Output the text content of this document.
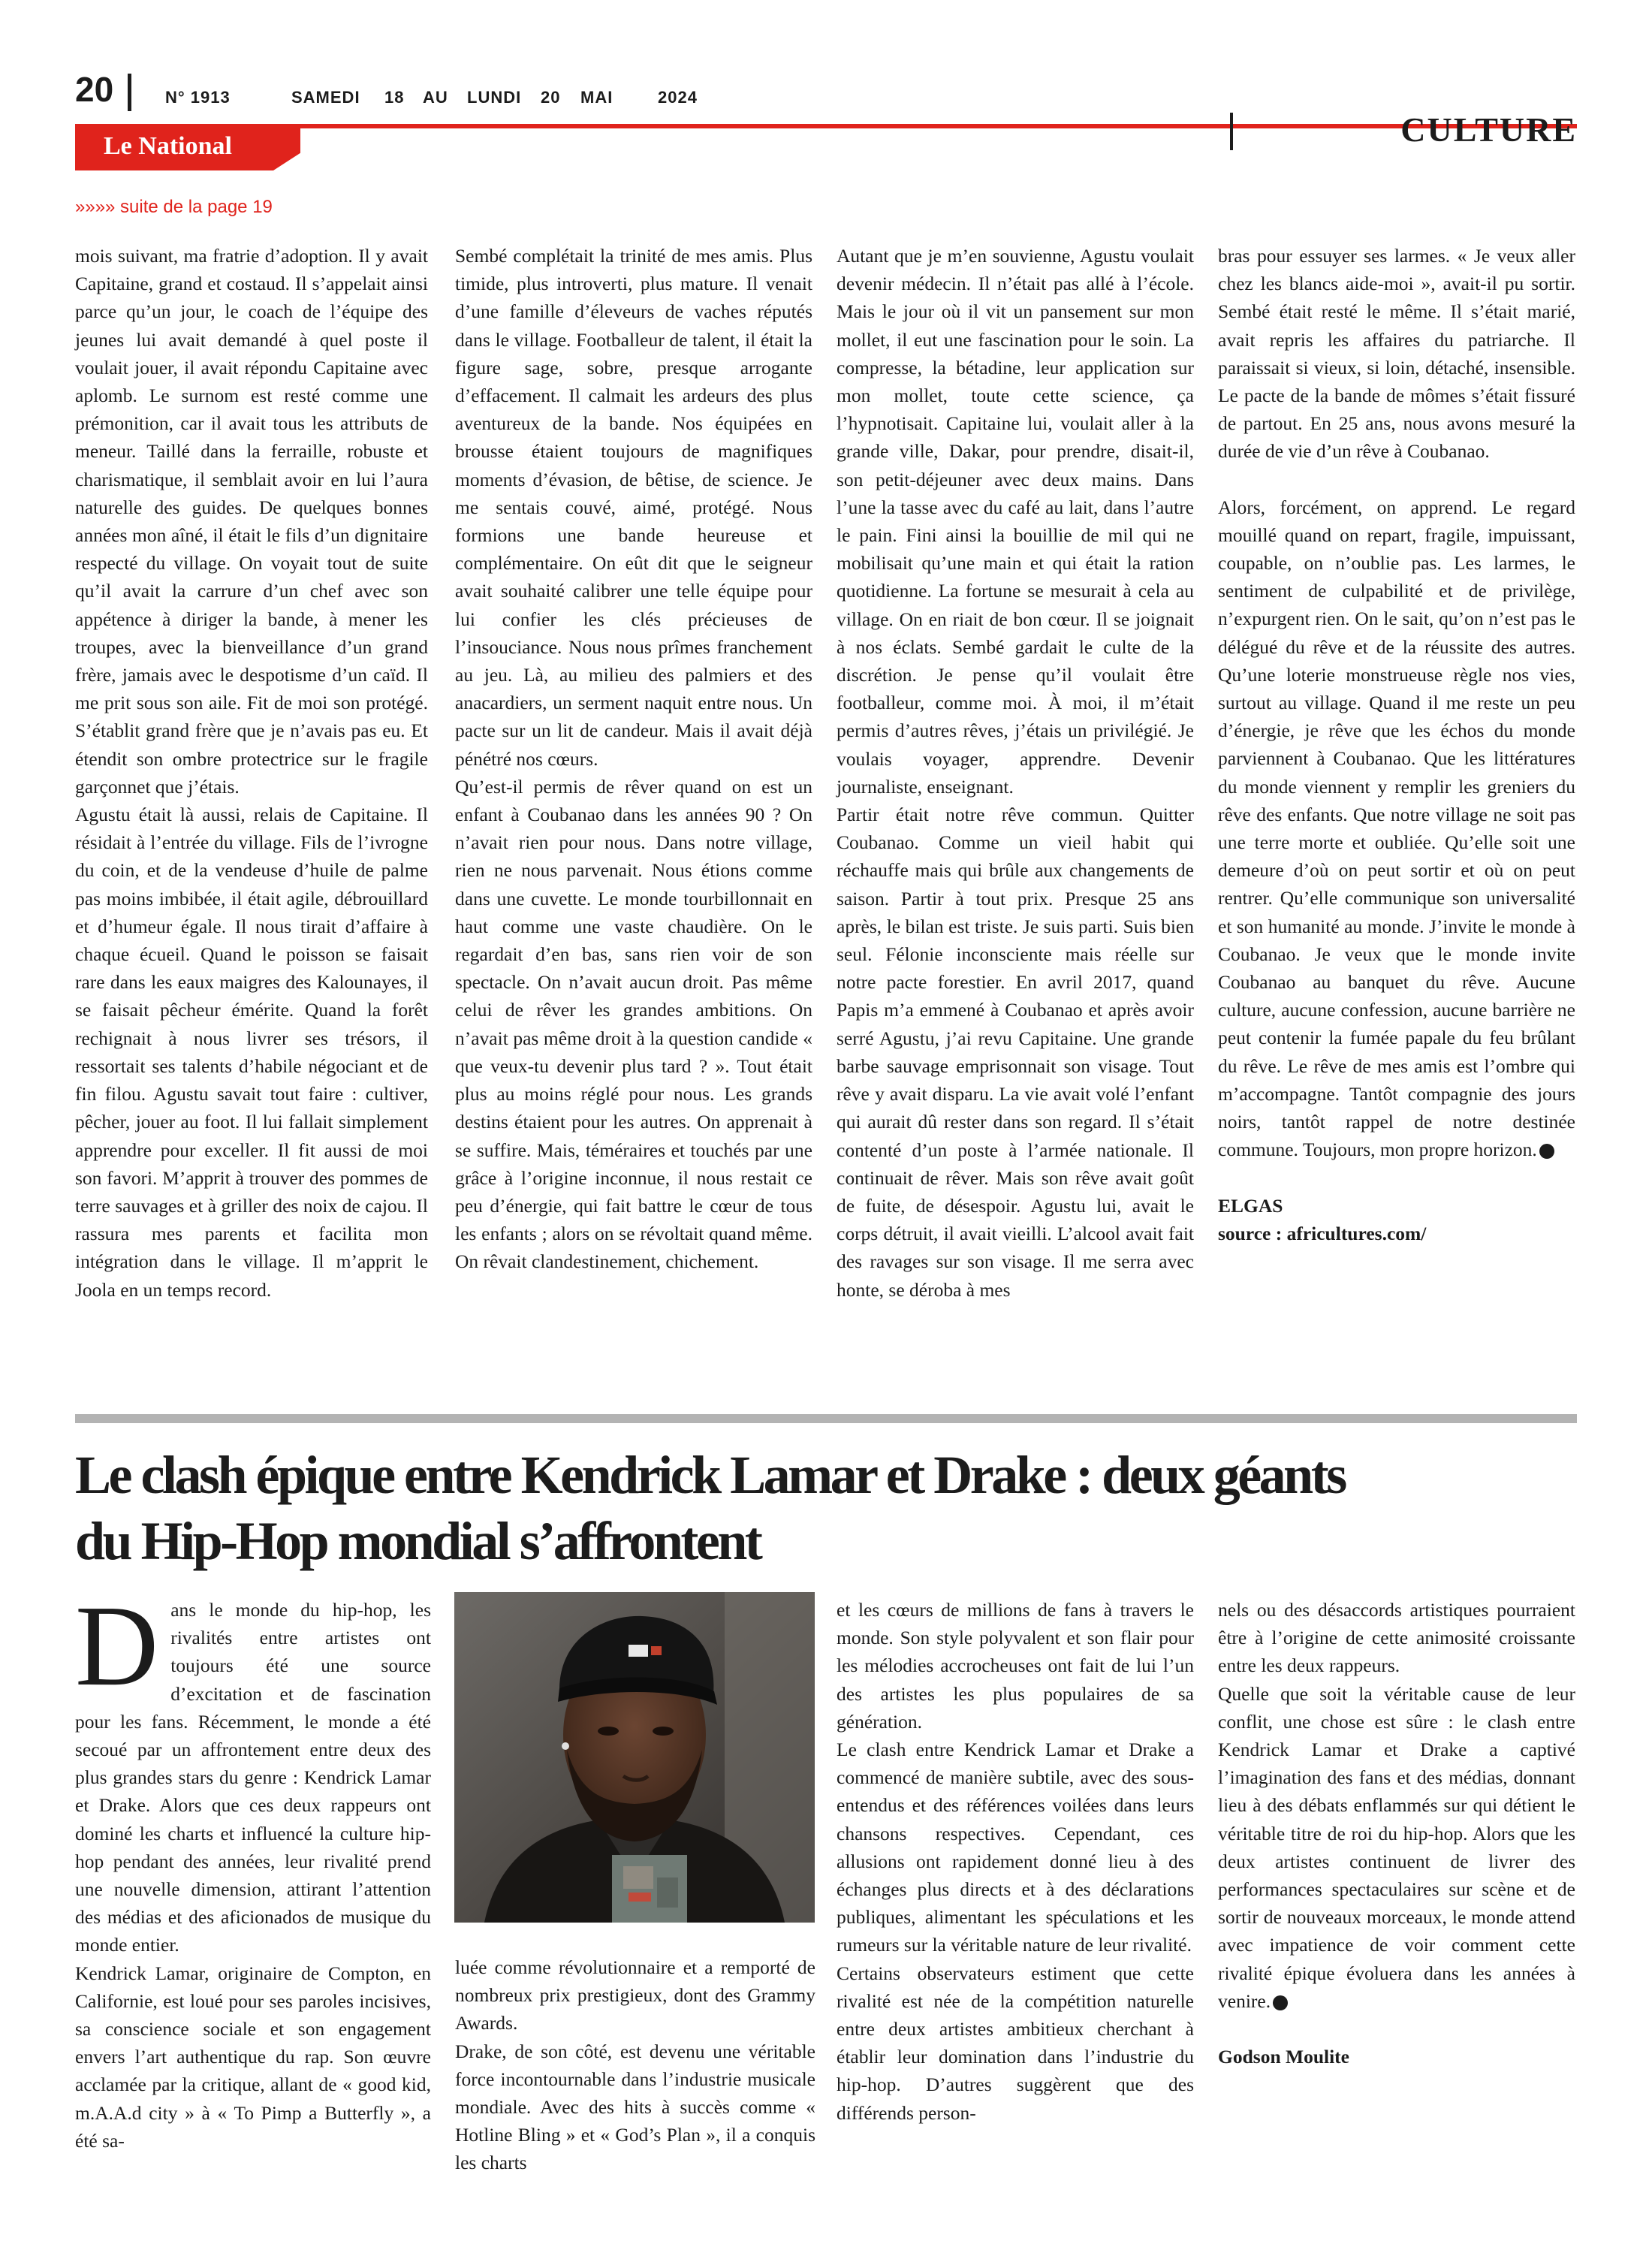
20	N° 1913	SAMEDI 18 AU LUNDI 20 MAI	2024
Le National	CULTURE
»»»» suite de la page 19

mois suivant, ma fratrie d’adoption. Il y avait Capitaine, grand et costaud. Il s’appelait ainsi parce qu’un jour, le coach de l’équipe des jeunes lui avait demandé à quel poste il voulait jouer, il avait répondu Capitaine avec aplomb. Le surnom est resté comme une prémonition, car il avait tous les attributs de meneur. Taillé dans la ferraille, robuste et charismatique, il semblait avoir en lui l’aura naturelle des guides. De quelques bonnes années mon aîné, il était le fils d’un dignitaire respecté du village. On voyait tout de suite qu’il avait la carrure d’un chef avec son appétence à diriger la bande, à mener les troupes, avec la bienveillance d’un grand frère, jamais avec le despotisme d’un caïd. Il me prit sous son aile. Fit de moi son protégé. S’établit grand frère que je n’avais pas eu. Et étendit son ombre protectrice sur le fragile garçonnet que j’étais.

Agustu était là aussi, relais de Capitaine. Il résidait à l’entrée du village. Fils de l’ivrogne du coin, et de la vendeuse d’huile de palme pas moins imbibée, il était agile, débrouillard et d’humeur égale. Il nous tirait d’affaire à chaque écueil. Quand le poisson se faisait rare dans les eaux maigres des Kalounayes, il se faisait pêcheur émérite. Quand la forêt rechignait à nous livrer ses trésors, il ressortait ses talents d’habile négociant et de fin filou. Agustu savait tout faire : cultiver, pêcher, jouer au foot. Il lui fallait simplement apprendre pour exceller. Il fit aussi de moi son favori. M’apprit à trouver des pommes de terre sauvages et à griller des noix de cajou. Il rassura mes parents et facilita mon intégration dans le village. Il m’apprit le Joola en un temps record.

Sembé complétait la trinité de mes amis. Plus timide, plus introverti, plus mature. Il venait d’une famille d’éleveurs de vaches réputés dans le village. Footballeur de talent, il était la figure sage, sobre, presque arrogante d’effacement. Il calmait les ardeurs des plus aventureux de la bande. Nos équipées en brousse étaient toujours de magnifiques moments d’évasion, de bêtise, de science. Je me sentais couvé, aimé, protégé. Nous formions une bande heureuse et complémentaire. On eût dit que le seigneur avait souhaité calibrer une telle équipe pour lui confier les clés précieuses de l’insouciance. Nous nous prîmes franchement au jeu. Là, au milieu des palmiers et des anacardiers, un serment naquit entre nous. Un pacte sur un lit de candeur. Mais il avait déjà pénétré nos cœurs.

Qu’est-il permis de rêver quand on est un enfant à Coubanao dans les années 90 ? On n’avait rien pour nous. Dans notre village, rien ne nous parvenait. Nous étions comme dans une cuvette. Le monde tourbillonnait en haut comme une vaste chaudière. On le regardait d’en bas, sans rien voir de son spectacle. On n’avait aucun droit. Pas même celui de rêver les grandes ambitions. On n’avait pas même droit à la question candide « que veux-tu devenir plus tard ? ». Tout était plus au moins réglé pour nous. Les grands destins étaient pour les autres. On apprenait à se suffire. Mais, téméraires et touchés par une grâce à l’origine inconnue, il nous restait ce peu d’énergie, qui fait battre le cœur de tous les enfants ; alors on se révoltait quand même. On rêvait clandestinement, chichement.

Autant que je m’en souvienne, Agustu voulait devenir médecin. Il n’était pas allé à l’école. Mais le jour où il vit un pansement sur mon mollet, il eut une fascination pour le soin. La compresse, la bétadine, leur application sur mon mollet, toute cette science, ça l’hypnotisait. Capitaine lui, voulait aller à la grande ville, Dakar, pour prendre, disait-il, son petit-déjeuner avec deux mains. Dans l’une la tasse avec du café au lait, dans l’autre le pain. Fini ainsi la bouillie de mil qui ne mobilisait qu’une main et qui était la ration quotidienne. La fortune se mesurait à cela au village. On en riait de bon cœur. Il se joignait à nos éclats. Sembé gardait le culte de la discrétion. Je pense qu’il voulait être footballeur, comme moi. À moi, il m’était permis d’autres rêves, j’étais un privilégié. Je voulais voyager, apprendre. Devenir journaliste, enseignant.

Partir était notre rêve commun. Quitter Coubanao. Comme un vieil habit qui réchauffe mais qui brûle aux changements de saison. Partir à tout prix. Presque 25 ans après, le bilan est triste. Je suis parti. Suis bien seul. Félonie inconsciente mais réelle sur notre pacte forestier. En avril 2017, quand Papis m’a emmené à Coubanao et après avoir serré Agustu, j’ai revu Capitaine. Une grande barbe sauvage emprisonnait son visage. Tout rêve y avait disparu. La vie avait volé l’enfant qui aurait dû rester dans son regard. Il s’était contenté d’un poste à l’armée nationale. Il continuait de rêver. Mais son rêve avait goût de fuite, de désespoir. Agustu lui, avait le corps détruit, il avait vieilli. L’alcool avait fait des ravages sur son visage. Il me serra avec honte, se déroba à mes

bras pour essuyer ses larmes. « Je veux aller chez les blancs aide-moi », avait-il pu sortir. Sembé était resté le même. Il s’était marié, avait repris les affaires du patriarche. Il paraissait si vieux, si loin, détaché, insensible. Le pacte de la bande de mômes s’était fissuré de partout. En 25 ans, nous avons mesuré la durée de vie d’un rêve à Coubanao.

Alors, forcément, on apprend. Le regard mouillé quand on repart, fragile, impuissant, coupable, on n’oublie pas. Les larmes, le sentiment de culpabilité et de privilège, n’expurgent rien. On le sait, qu’on n’est pas le délégué du rêve et de la réussite des autres. Qu’une loterie monstrueuse règle nos vies, surtout au village. Quand il me reste un peu d’énergie, je rêve que les échos du monde parviennent à Coubanao. Que les littératures du monde viennent y remplir les greniers du rêve des enfants. Que notre village ne soit pas une terre morte et oubliée. Qu’elle soit une demeure d’où on peut sortir et où on peut rentrer. Qu’elle communique son universalité et son humanité au monde. J’invite le monde à Coubanao. Je veux que le monde invite Coubanao au banquet du rêve. Aucune culture, aucune confession, aucune barrière ne peut contenir la fumée papale du feu brûlant du rêve. Le rêve de mes amis est l’ombre qui m’accompagne. Tantôt compagnie des jours noirs, tantôt rappel de notre destinée commune. Toujours, mon propre horizon.

ELGAS

source : africultures.com/

Le clash épique entre Kendrick Lamar et Drake : deux géants
du Hip-Hop mondial s’affrontent

Dans le monde du hip-hop, les rivalités entre artistes ont toujours été une source d’excitation et de fascination pour les fans. Récemment, le monde a été secoué par un affrontement entre deux des plus grandes stars du genre : Kendrick Lamar et Drake. Alors que ces deux rappeurs ont dominé les charts et influencé la culture hip-hop pendant des années, leur rivalité prend une nouvelle dimension, attirant l’attention des médias et des aficionados de musique du monde entier.

Kendrick Lamar, originaire de Compton, en Californie, est loué pour ses paroles incisives, sa conscience sociale et son engagement envers l’art authentique du rap. Son œuvre acclamée par la critique, allant de « good kid, m.A.A.d city » à « To Pimp a Butterfly », a été sa-

luée comme révolutionnaire et a remporté de nombreux prix prestigieux, dont des Grammy Awards.

Drake, de son côté, est devenu une véritable force incontournable dans l’industrie musicale mondiale. Avec des hits à succès comme « Hotline Bling » et « God’s Plan », il a conquis les charts

et les cœurs de millions de fans à travers le monde. Son style polyvalent et son flair pour les mélodies accrocheuses ont fait de lui l’un des artistes les plus populaires de sa génération.

Le clash entre Kendrick Lamar et Drake a commencé de manière subtile, avec des sous-entendus et des références voilées dans leurs chansons respectives. Cependant, ces allusions ont rapidement donné lieu à des échanges plus directs et à des déclarations publiques, alimentant les spéculations et les rumeurs sur la véritable nature de leur rivalité.

Certains observateurs estiment que cette rivalité est née de la compétition naturelle entre deux artistes ambitieux cherchant à établir leur domination dans l’industrie du hip-hop. D’autres suggèrent que des différends person-

nels ou des désaccords artistiques pourraient être à l’origine de cette animosité croissante entre les deux rappeurs.

Quelle que soit la véritable cause de leur conflit, une chose est sûre : le clash entre Kendrick Lamar et Drake a captivé l’imagination des fans et des médias, donnant lieu à des débats enflammés sur qui détient le véritable titre de roi du hip-hop. Alors que les deux artistes continuent de livrer des performances spectaculaires sur scène et de sortir de nouveaux morceaux, le monde attend avec impatience de voir comment cette rivalité épique évoluera dans les années à venire.

Godson Moulite
